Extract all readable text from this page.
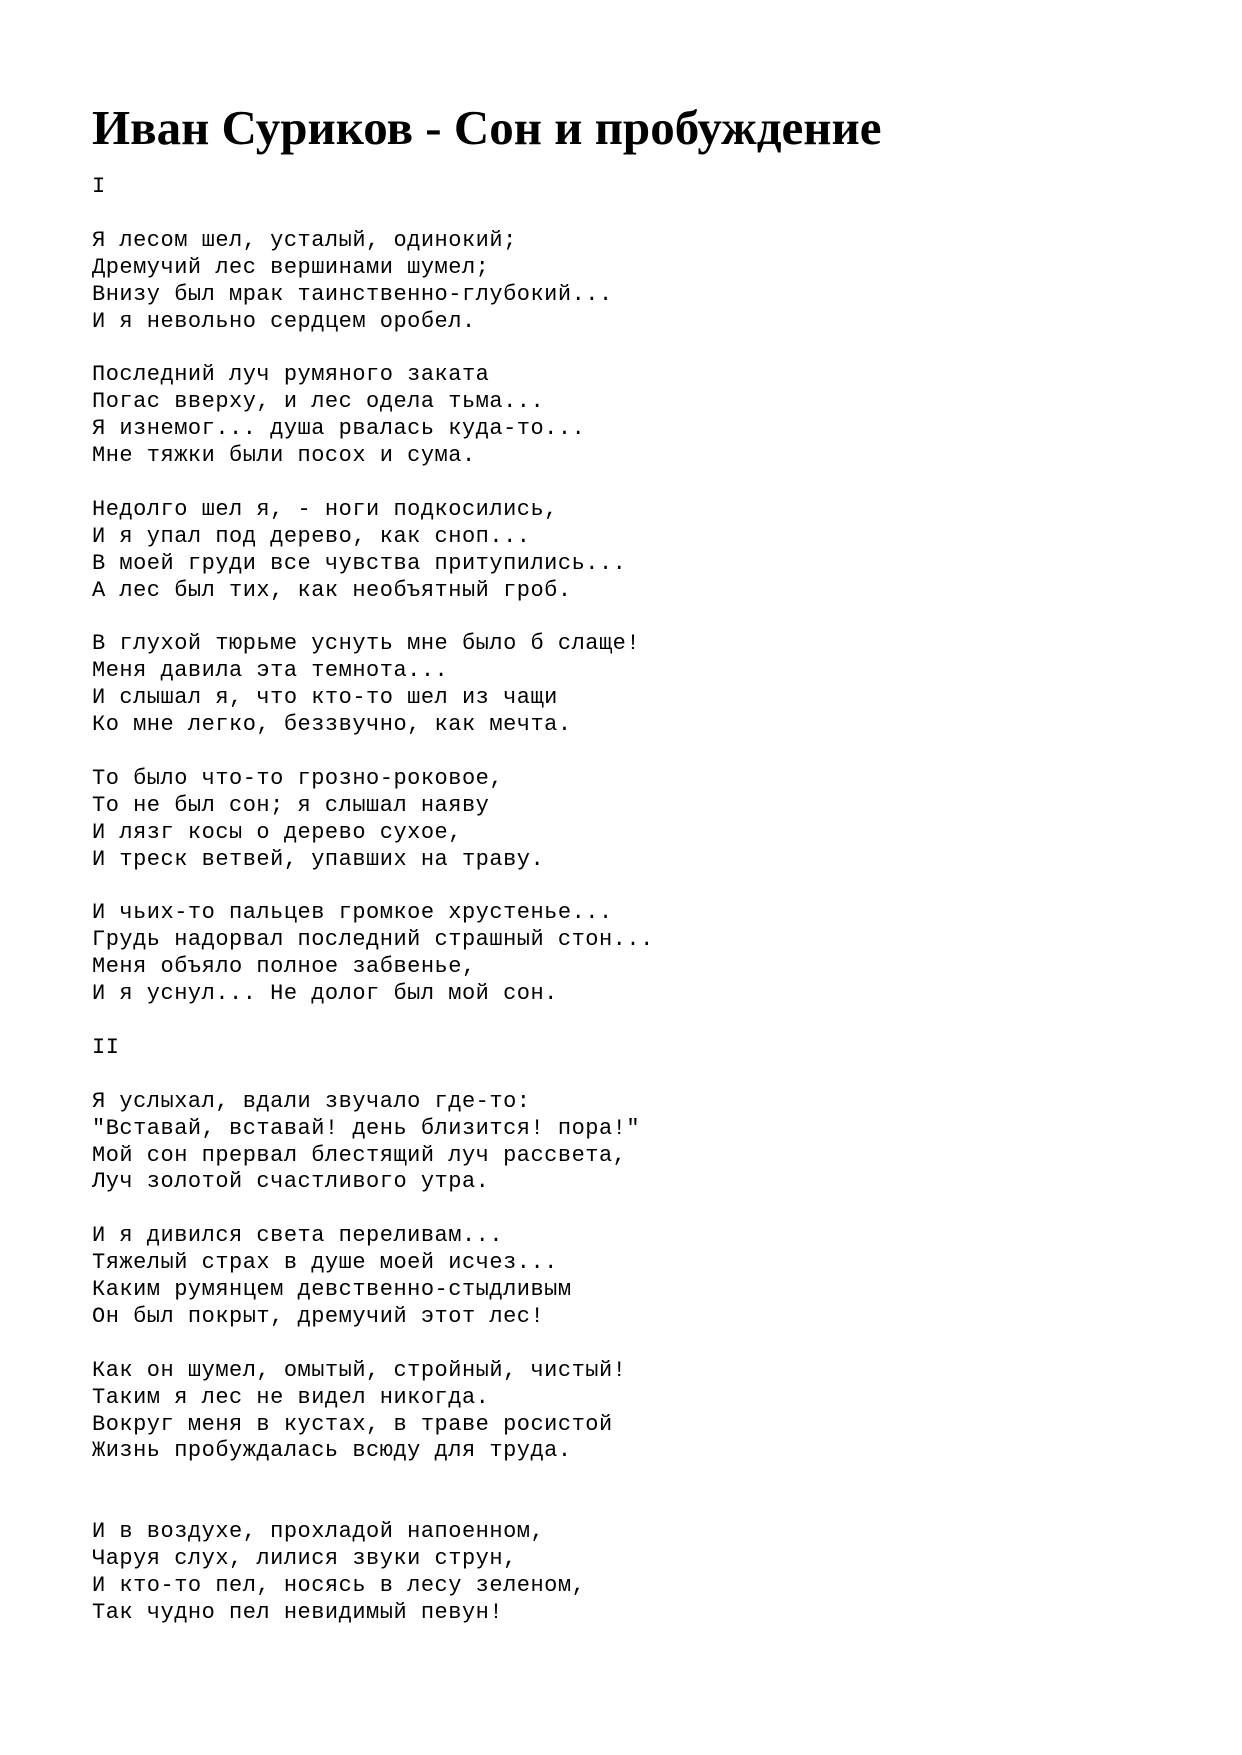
Иван Суриков - Сон и пробуждение
I
Я лесом шел, усталый, одинокий;
Дремучий лес вершинами шумел;
Внизу был мрак таинственно-глубокий...
И я невольно сердцем оробел.
Последний луч румяного заката
Погас вверху, и лес одела тьма...
Я изнемог... душа рвалась куда-то...
Мне тяжки были посох и сума.
Недолго шел я, - ноги подкосились,
И я упал под дерево, как сноп...
В моей груди все чувства притупились...
А лес был тих, как необъятный гроб.
В глухой тюрьме уснуть мне было б слаще!
Меня давила эта темнота...
И слышал я, что кто-то шел из чащи
Ко мне легко, беззвучно, как мечта.
То было что-то грозно-роковое,
То не был сон; я слышал наяву
И лязг косы о дерево сухое,
И треск ветвей, упавших на траву.
И чьих-то пальцев громкое хрустенье...
Грудь надорвал последний страшный стон...
Меня объяло полное забвенье,
И я уснул... Не долог был мой сон.
II
Я услыхал, вдали звучало где-то:
"Вставай, вставай! день близится! пора!"
Мой сон прервал блестящий луч рассвета,
Луч золотой счастливого утра.
И я дивился света переливам...
Тяжелый страх в душе моей исчез...
Каким румянцем девственно-стыдливым
Он был покрыт, дремучий этот лес!
Как он шумел, омытый, стройный, чистый!
Таким я лес не видел никогда.
Вокруг меня в кустах, в траве росистой
Жизнь пробуждалась всюду для труда.
И в воздухе, прохладой напоенном,
Чаруя слух, лилися звуки струн,
И кто-то пел, носясь в лесу зеленом,
Так чудно пел невидимый певун!
